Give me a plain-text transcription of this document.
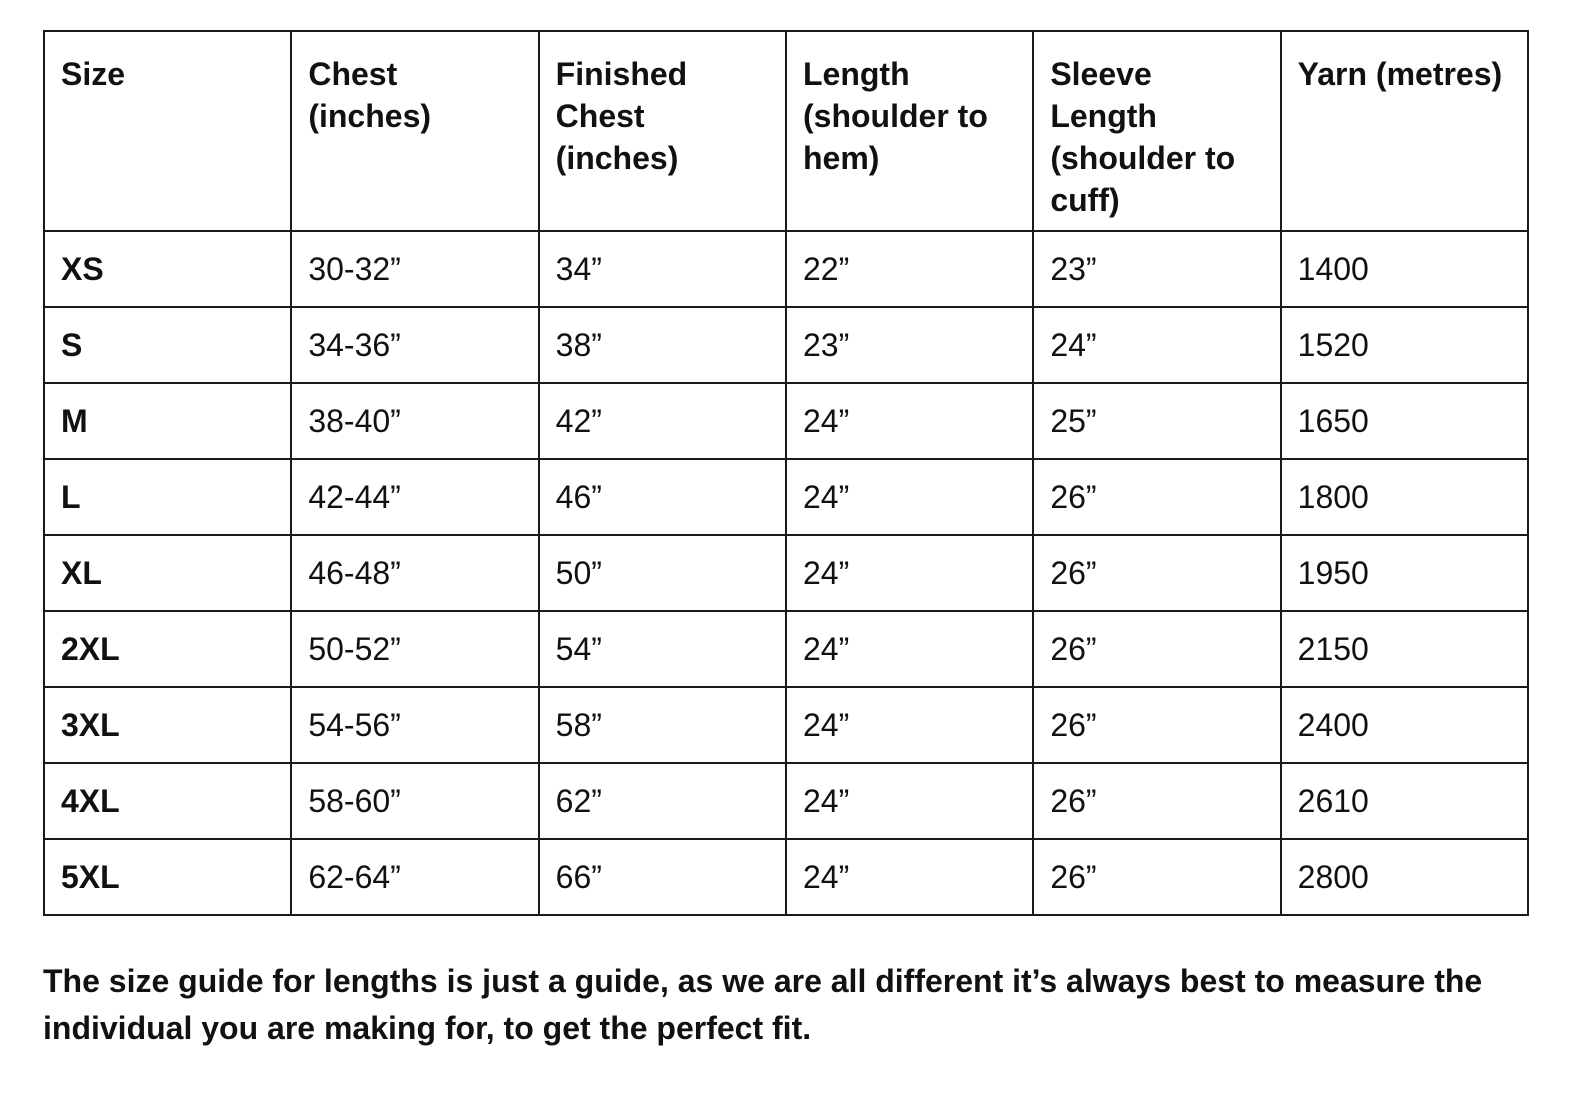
Size	Chest (inches)	Finished Chest (inches)	Length (shoulder to hem)	Sleeve Length (shoulder to cuff)	Yarn (metres)
XS	30-32”	34”	22”	23”	1400
S	34-36”	38”	23”	24”	1520
M	38-40”	42”	24”	25”	1650
L	42-44”	46”	24”	26”	1800
XL	46-48”	50”	24”	26”	1950
2XL	50-52”	54”	24”	26”	2150
3XL	54-56”	58”	24”	26”	2400
4XL	58-60”	62”	24”	26”	2610
5XL	62-64”	66”	24”	26”	2800

The size guide for lengths is just a guide, as we are all different it’s always best to measure the individual you are making for, to get the perfect fit.
